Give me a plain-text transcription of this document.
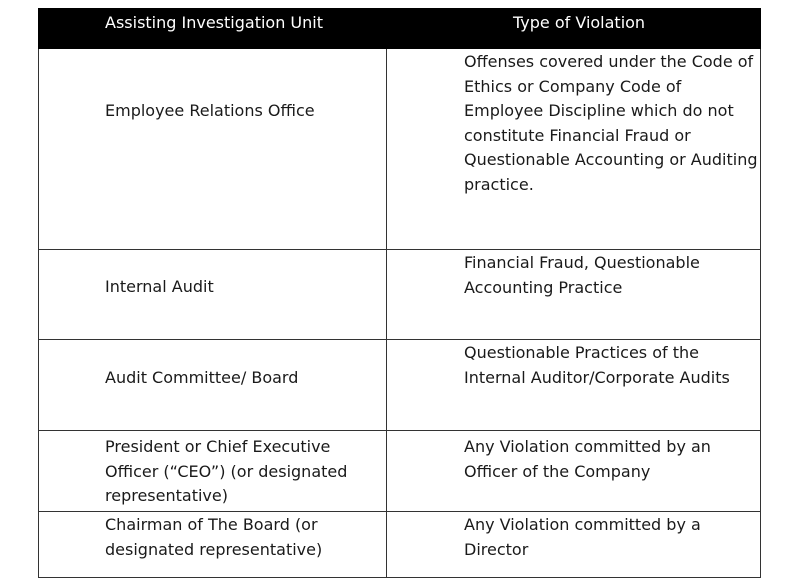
Assisting Investigation Unit	Type of Violation
Employee Relations Office	Offenses covered under the Code of Ethics or Company Code of Employee Discipline which do not constitute Financial Fraud or Questionable Accounting or Auditing practice.
Internal Audit	Financial Fraud, Questionable Accounting Practice
Audit Committee/ Board	Questionable Practices of the Internal Auditor/Corporate Audits
President or Chief Executive Officer (“CEO”) (or designated representative)	Any Violation committed by an Officer of the Company
Chairman of The Board (or designated representative)	Any Violation committed by a Director
